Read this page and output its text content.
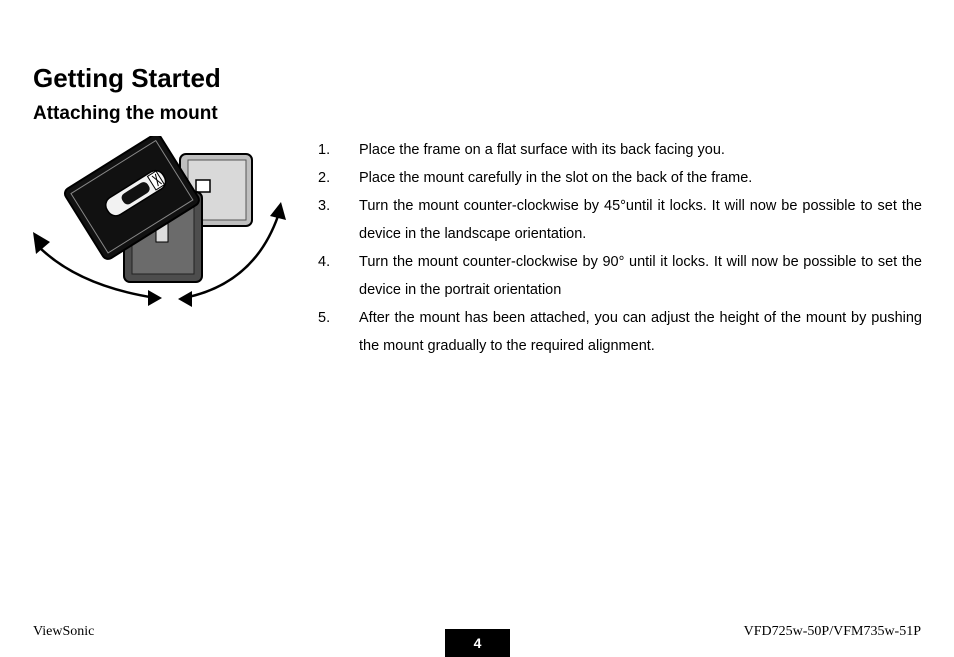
Getting Started
Attaching the mount
1.	Place the frame on a flat surface with its back facing you.
2.	Place the mount carefully in the slot on the back of the frame.
3.	Turn the mount counter-clockwise by 45°until it locks. It will now be possible to set the device in the landscape orientation.
4.	Turn the mount counter-clockwise by 90° until it locks. It will now be possible to set the device in the portrait orientation
5.	After the mount has been attached, you can adjust the height of the mount by pushing the mount gradually to the required alignment.
ViewSonic
4
VFD725w-50P/VFM735w-51P
